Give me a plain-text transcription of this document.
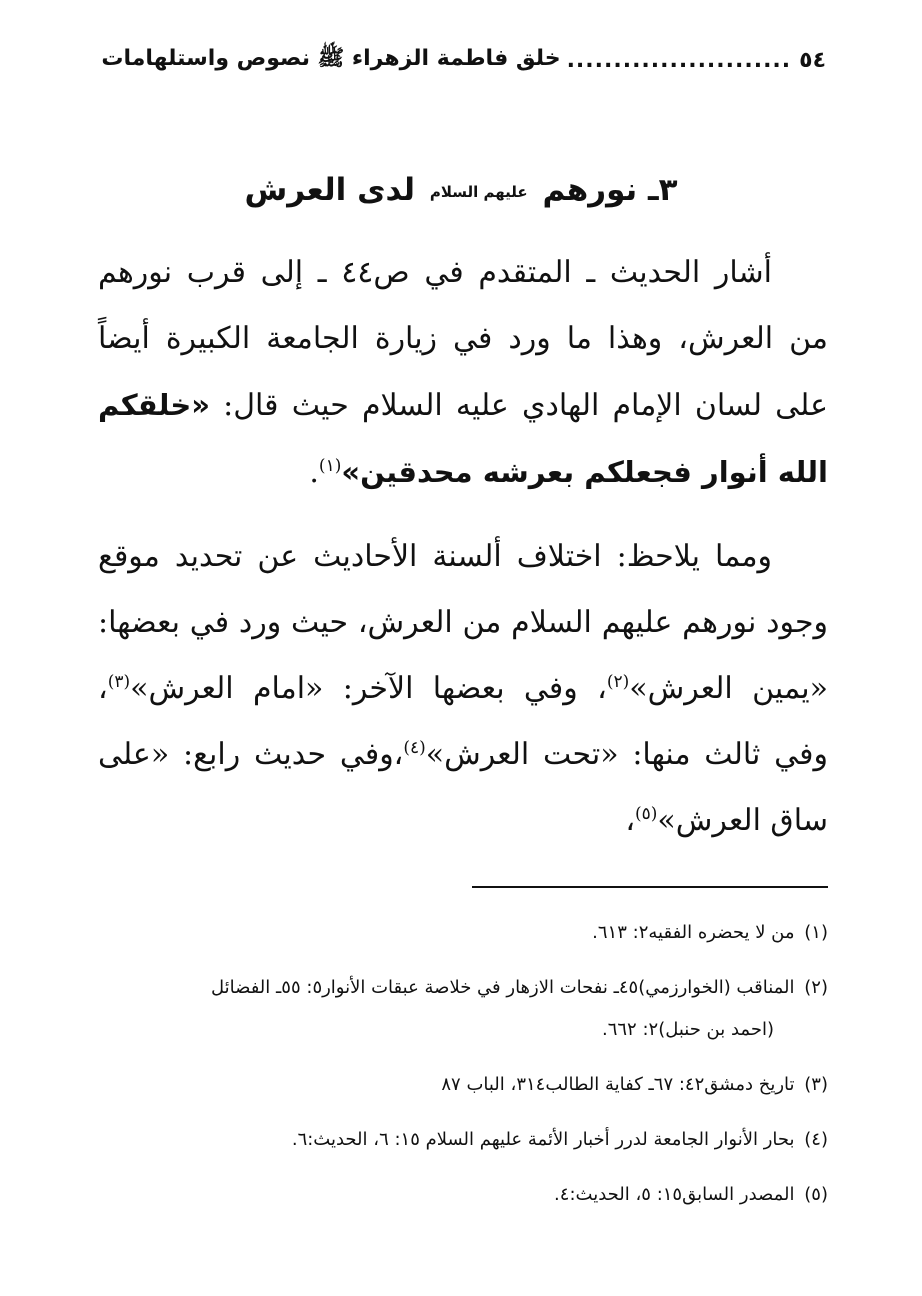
٥٤
........................
خلق فاطمة الزهراء ﷺ نصوص واستلهامات
٣ـ نورهم عليهم السلام لدى العرش

أشار الحديث ـ المتقدم في ص٤٤ ـ إلى قرب نورهم من العرش، وهذا ما ورد في زيارة الجامعة الكبيرة أيضاً على لسان الإمام الهادي عليه السلام حيث قال: «خلقكم الله أنوار فجعلكم بعرشه محدقين»$^{(١)}$.

ومما يلاحظ: اختلاف ألسنة الأحاديث عن تحديد موقع وجود نورهم عليهم السلام من العرش، حيث ورد في بعضها: «يمين العرش»$^{(٢)}$، وفي بعضها الآخر: «امام العرش»$^{(٣)}$، وفي ثالث منها: «تحت العرش»$^{(٤)}$،وفي حديث رابع: «على ساق العرش»$^{(٥)}$،

(١) من لا يحضره الفقيه٢: ٦١٣.
(٢) المناقب (الخوارزمي)٤٥ـ نفحات الازهار في خلاصة عبقات الأنوار٥: ٥٥ـ الفضائل
(احمد بن حنبل)٢: ٦٦٢.
(٣) تاريخ دمشق٤٢: ٦٧ـ كفاية الطالب٣١٤، الباب ٨٧
(٤) بحار الأنوار الجامعة لدرر أخبار الأئمة عليهم السلام ١٥: ٦، الحديث:٦.
(٥) المصدر السابق١٥: ٥، الحديث:٤.
